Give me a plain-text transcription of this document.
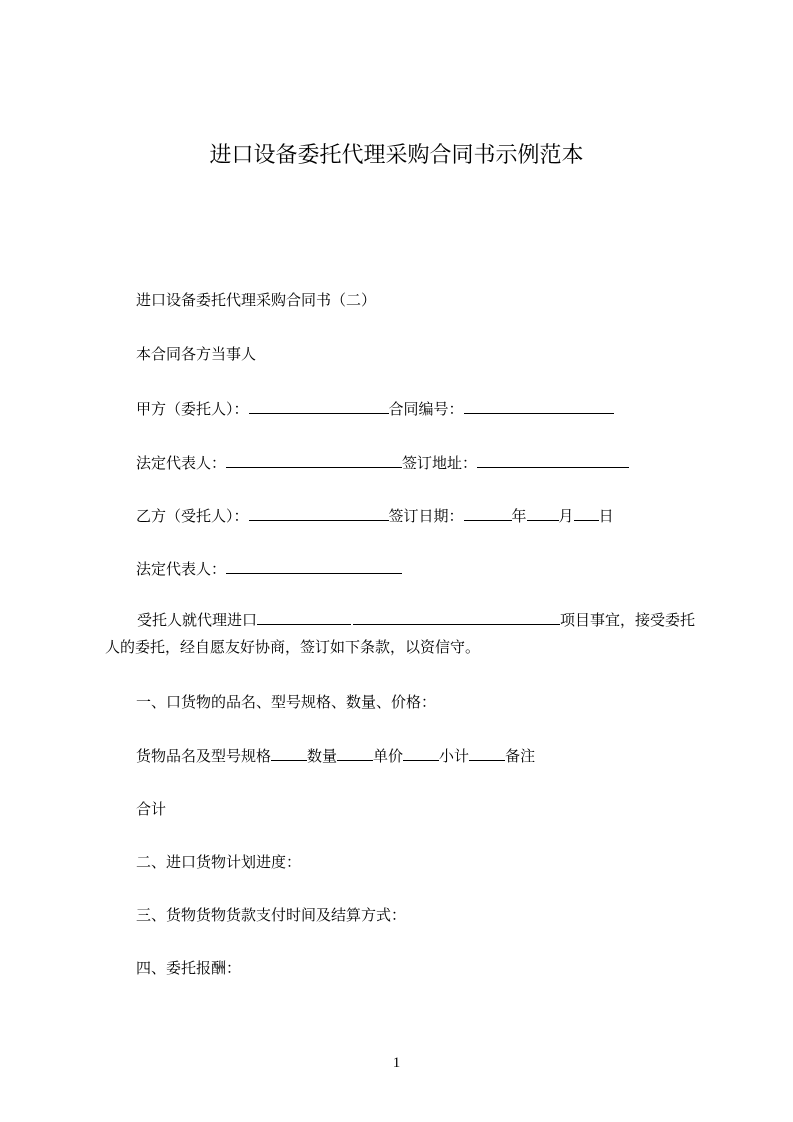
进口设备委托代理采购合同书示例范本
进口设备委托代理采购合同书（二）
本合同各方当事人
甲方（委托人）：	合同编号：
法定代表人：	签订地址：
乙方（受托人）：	签订日期：	年 月 日
法定代表人：
受托人就代理进口	项目事宜，接受委托人的委托，经自愿友好协商，签订如下条款，以资信守。
一、口货物的品名、型号规格、数量、价格：
货物品名及型号规格 数量 单价 小计 备注
合计
二、进口货物计划进度：
三、货物货物货款支付时间及结算方式：
四、委托报酬：
1
